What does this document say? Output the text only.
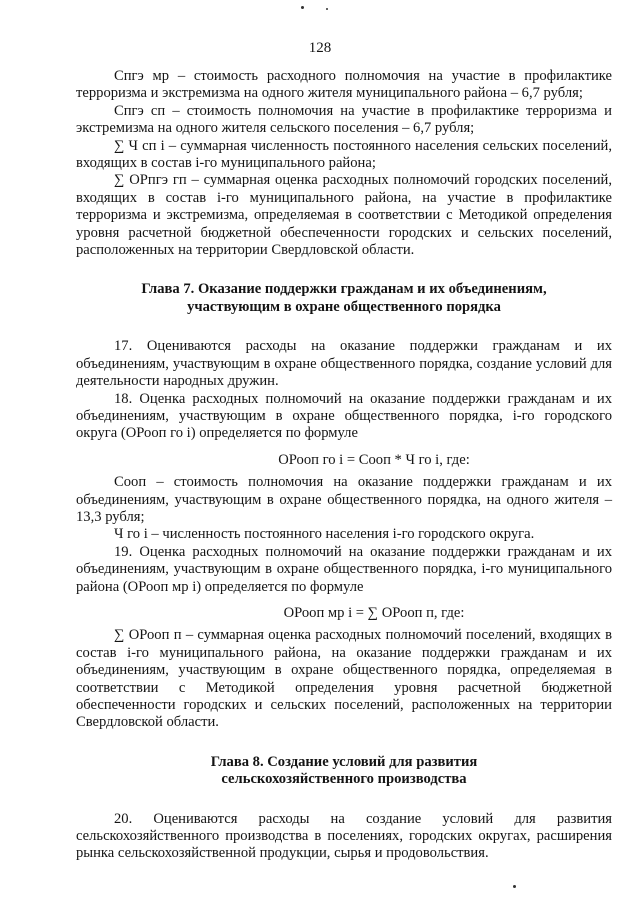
128

Спгэ мр – стоимость расходного полномочия на участие в профилактике терроризма и экстремизма на одного жителя муниципального района – 6,7 рубля;

Спгэ сп – стоимость полномочия на участие в профилактике терроризма и экстремизма на одного жителя сельского поселения – 6,7 рубля;

∑ Ч сп i – суммарная численность постоянного населения сельских поселений, входящих в состав i-го муниципального района;

∑ ОРпгэ гп – суммарная оценка расходных полномочий городских поселений, входящих в состав i-го муниципального района, на участие в профилактике терроризма и экстремизма, определяемая в соответствии с Методикой определения уровня расчетной бюджетной обеспеченности городских и сельских поселений, расположенных на территории Свердловской области.

Глава 7. Оказание поддержки гражданам и их объединениям,

участвующим в охране общественного порядка

17. Оцениваются расходы на оказание поддержки гражданам и их объединениям, участвующим в охране общественного порядка, создание условий для деятельности народных дружин.

18. Оценка расходных полномочий на оказание поддержки гражданам и их объединениям, участвующим в охране общественного порядка, i-го городского округа (ОРооп го i) определяется по формуле

ОРооп го i = Сооп * Ч го i, где:

Сооп – стоимость полномочия на оказание поддержки гражданам и их объединениям, участвующим в охране общественного порядка, на одного жителя – 13,3 рубля;

Ч го i – численность постоянного населения i-го городского округа.

19. Оценка расходных полномочий на оказание поддержки гражданам и их объединениям, участвующим в охране общественного порядка, i-го муниципального района (ОРооп мр i) определяется по формуле

ОРооп мр i = ∑ ОРооп п, где:

∑ ОРооп п – суммарная оценка расходных полномочий поселений, входящих в состав i-го муниципального района, на оказание поддержки гражданам и их объединениям, участвующим в охране общественного порядка, определяемая в соответствии с Методикой определения уровня расчетной бюджетной обеспеченности городских и сельских поселений, расположенных на территории Свердловской области.

Глава 8. Создание условий для развития

сельскохозяйственного производства

20. Оцениваются расходы на создание условий для развития сельскохозяйственного производства в поселениях, городских округах, расширения рынка сельскохозяйственной продукции, сырья и продовольствия.
